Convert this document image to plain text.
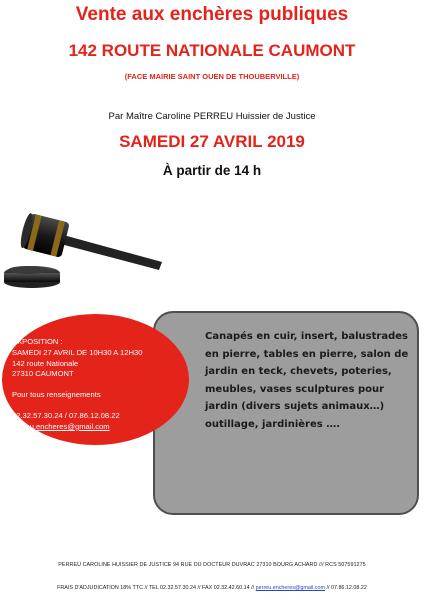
Vente aux enchères publiques
142 ROUTE NATIONALE CAUMONT
(FACE MAIRIE SAINT OUEN DE THOUBERVILLE)
Par Maître Caroline PERREU Huissier de Justice
SAMEDI 27 AVRIL 2019
À partir de 14 h

Canapés en cuir, insert, balustrades en pierre, tables en pierre, salon de jardin en teck, chevets, poteries, meubles, vases sculptures pour jardin (divers sujets animaux…) outillage, jardinières ….

EXPOSITION :
SAMEDI 27 AVRIL DE 10H30 A 12H30
142 route Nationale
27310 CAUMONT
Pour tous renseignements
02.32.57.30.24 / 07.86.12.08.22
perreu.encheres@gmail.com
PERREU CAROLINE HUISSIER DE JUSTICE 94 RUE DU DOCTEUR DUVRAC 27310 BOURG ACHARD /// RCS 507591275
FRAIS D'ADJUDICATION 18% TTC // TEL 02.32.57.30.24 // FAX 02.32.42.60.14 // perreu.encheres@gmail.com // 07.86.12.08.22
